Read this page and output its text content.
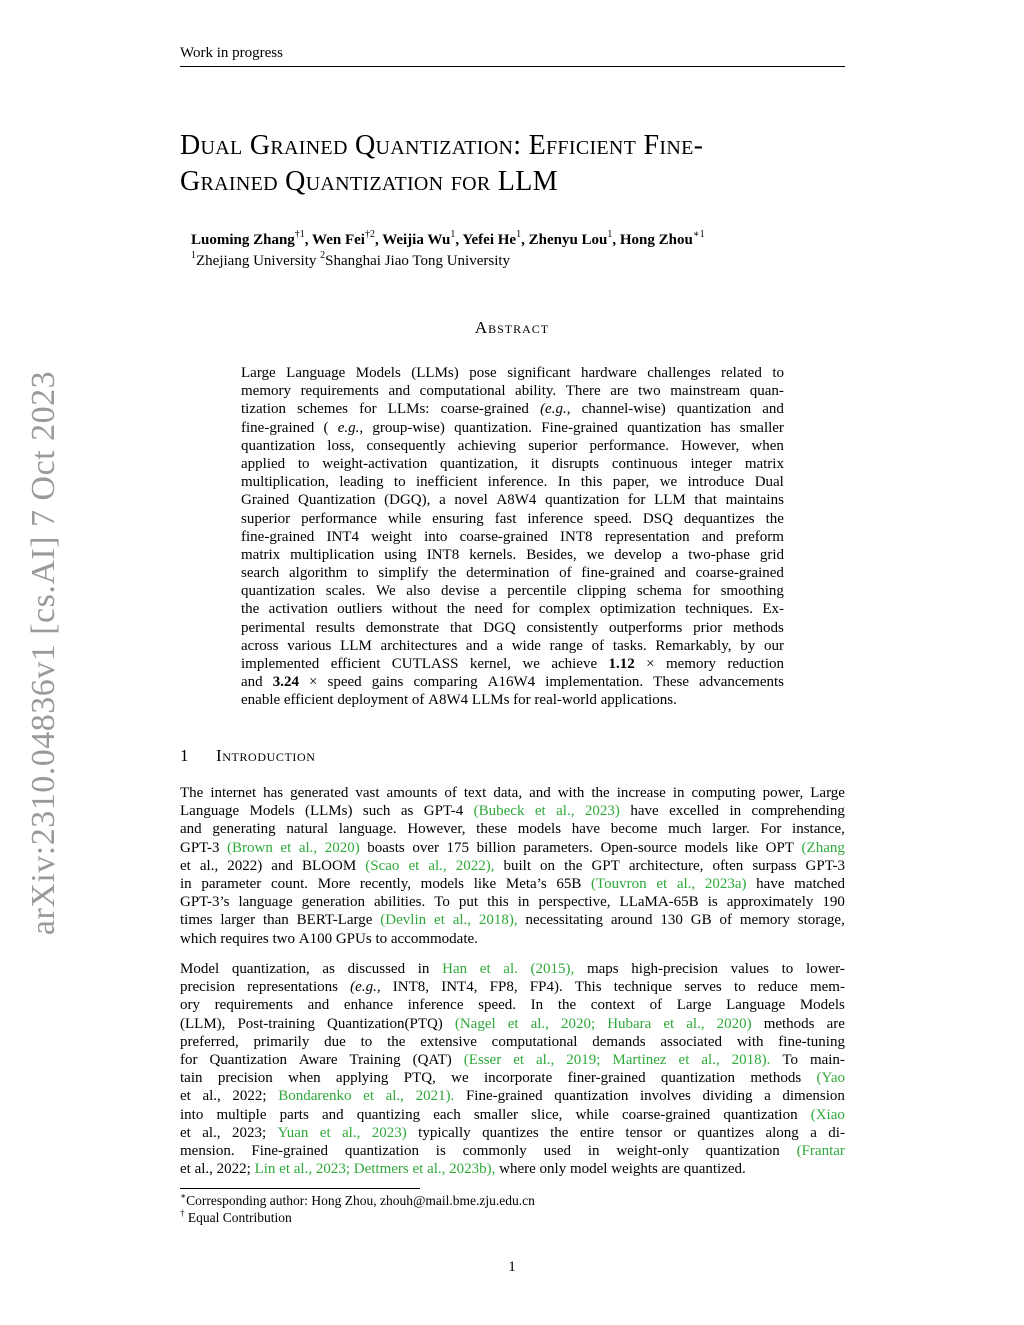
Work in progress
arXiv:2310.04836v1 [cs.AI] 7 Oct 2023
Dual Grained Quantization: Efficient Fine-
Grained Quantization for LLM
Luoming Zhang$^{\dagger 1}$, Wen Fei$^{\dagger 2}$, Weijia Wu$^1$, Yefei He$^1$, Zhenyu Lou$^1$, Hong Zhou$^{∗1}$
$^1$Zhejiang University $^2$Shanghai Jiao Tong University
Abstract
Large Language Models (LLMs) pose significant hardware challenges related to
memory requirements and computational ability. There are two mainstream quan-
tization schemes for LLMs: coarse-grained (e.g., channel-wise) quantization and
fine-grained ( e.g., group-wise) quantization. Fine-grained quantization has smaller
quantization loss, consequently achieving superior performance. However, when
applied to weight-activation quantization, it disrupts continuous integer matrix
multiplication, leading to inefficient inference. In this paper, we introduce Dual
Grained Quantization (DGQ), a novel A8W4 quantization for LLM that maintains
superior performance while ensuring fast inference speed. DSQ dequantizes the
fine-grained INT4 weight into coarse-grained INT8 representation and preform
matrix multiplication using INT8 kernels. Besides, we develop a two-phase grid
search algorithm to simplify the determination of fine-grained and coarse-grained
quantization scales. We also devise a percentile clipping schema for smoothing
the activation outliers without the need for complex optimization techniques. Ex-
perimental results demonstrate that DGQ consistently outperforms prior methods
across various LLM architectures and a wide range of tasks. Remarkably, by our
implemented efficient CUTLASS kernel, we achieve 1.12 × memory reduction
and 3.24 × speed gains comparing A16W4 implementation. These advancements
enable efficient deployment of A8W4 LLMs for real-world applications.
1 Introduction
The internet has generated vast amounts of text data, and with the increase in computing power, Large
Language Models (LLMs) such as GPT-4 (Bubeck et al., 2023) have excelled in comprehending
and generating natural language. However, these models have become much larger. For instance,
GPT-3 (Brown et al., 2020) boasts over 175 billion parameters. Open-source models like OPT (Zhang
et al., 2022) and BLOOM (Scao et al., 2022), built on the GPT architecture, often surpass GPT-3
in parameter count. More recently, models like Meta’s 65B (Touvron et al., 2023a) have matched
GPT-3’s language generation abilities. To put this in perspective, LLaMA-65B is approximately 190
times larger than BERT-Large (Devlin et al., 2018), necessitating around 130 GB of memory storage,
which requires two A100 GPUs to accommodate.
Model quantization, as discussed in Han et al. (2015), maps high-precision values to lower-
precision representations (e.g., INT8, INT4, FP8, FP4). This technique serves to reduce mem-
ory requirements and enhance inference speed. In the context of Large Language Models
(LLM), Post-training Quantization(PTQ) (Nagel et al., 2020; Hubara et al., 2020) methods are
preferred, primarily due to the extensive computational demands associated with fine-tuning
for Quantization Aware Training (QAT) (Esser et al., 2019; Martinez et al., 2018). To main-
tain precision when applying PTQ, we incorporate finer-grained quantization methods (Yao
et al., 2022; Bondarenko et al., 2021). Fine-grained quantization involves dividing a dimension
into multiple parts and quantizing each smaller slice, while coarse-grained quantization (Xiao
et al., 2023; Yuan et al., 2023) typically quantizes the entire tensor or quantizes along a di-
mension. Fine-grained quantization is commonly used in weight-only quantization (Frantar
et al., 2022; Lin et al., 2023; Dettmers et al., 2023b), where only model weights are quantized.
∗Corresponding author: Hong Zhou, zhouh@mail.bme.zju.edu.cn
† Equal Contribution
1
